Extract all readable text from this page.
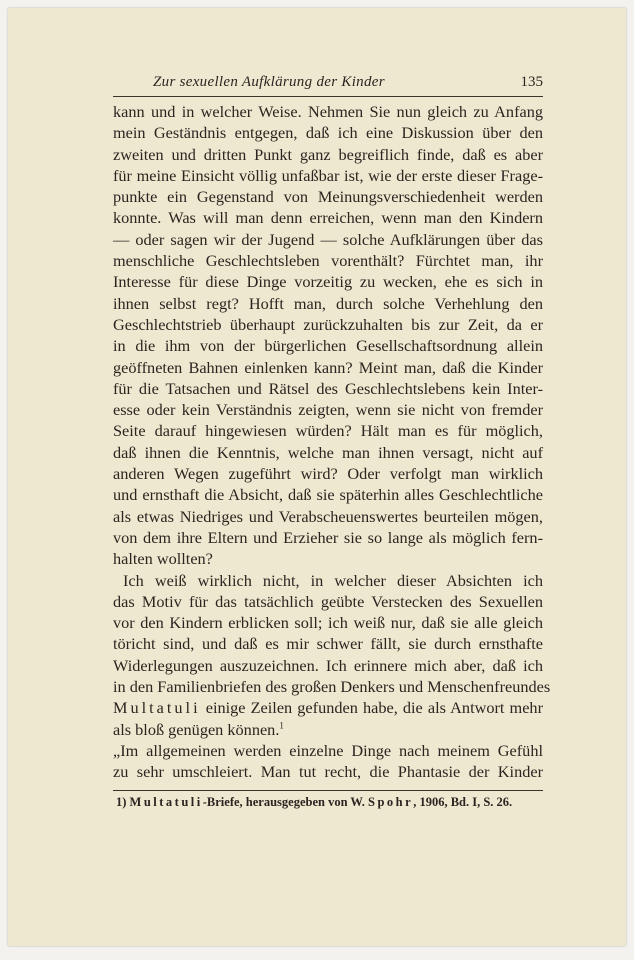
Zur sexuellen Aufklärung der Kinder	135
kann und in welcher Weise. Nehmen Sie nun gleich zu Anfang
mein Geständnis entgegen, daß ich eine Diskussion über den
zweiten und dritten Punkt ganz begreiflich finde, daß es aber
für meine Einsicht völlig unfaßbar ist, wie der erste dieser Frage-
punkte ein Gegenstand von Meinungsverschiedenheit werden
konnte. Was will man denn erreichen, wenn man den Kindern
— oder sagen wir der Jugend — solche Aufklärungen über das
menschliche Geschlechtsleben vorenthält? Fürchtet man, ihr
Interesse für diese Dinge vorzeitig zu wecken, ehe es sich in
ihnen selbst regt? Hofft man, durch solche Verhehlung den
Geschlechtstrieb überhaupt zurückzuhalten bis zur Zeit, da er
in die ihm von der bürgerlichen Gesellschaftsordnung allein
geöffneten Bahnen einlenken kann? Meint man, daß die Kinder
für die Tatsachen und Rätsel des Geschlechtslebens kein Inter-
esse oder kein Verständnis zeigten, wenn sie nicht von fremder
Seite darauf hingewiesen würden? Hält man es für möglich,
daß ihnen die Kenntnis, welche man ihnen versagt, nicht auf
anderen Wegen zugeführt wird? Oder verfolgt man wirklich
und ernsthaft die Absicht, daß sie späterhin alles Geschlechtliche
als etwas Niedriges und Verabscheuenswertes beurteilen mögen,
von dem ihre Eltern und Erzieher sie so lange als möglich fern-
halten wollten?
Ich weiß wirklich nicht, in welcher dieser Absichten ich
das Motiv für das tatsächlich geübte Verstecken des Sexuellen
vor den Kindern erblicken soll; ich weiß nur, daß sie alle gleich
töricht sind, und daß es mir schwer fällt, sie durch ernsthafte
Widerlegungen auszuzeichnen. Ich erinnere mich aber, daß ich
in den Familienbriefen des großen Denkers und Menschenfreundes
Multatuli einige Zeilen gefunden habe, die als Antwort mehr
als bloß genügen können.$^1$
„Im allgemeinen werden einzelne Dinge nach meinem Gefühl
zu sehr umschleiert. Man tut recht, die Phantasie der Kinder
1) Multatuli-Briefe, herausgegeben von W. Spohr, 1906, Bd. I, S. 26.
